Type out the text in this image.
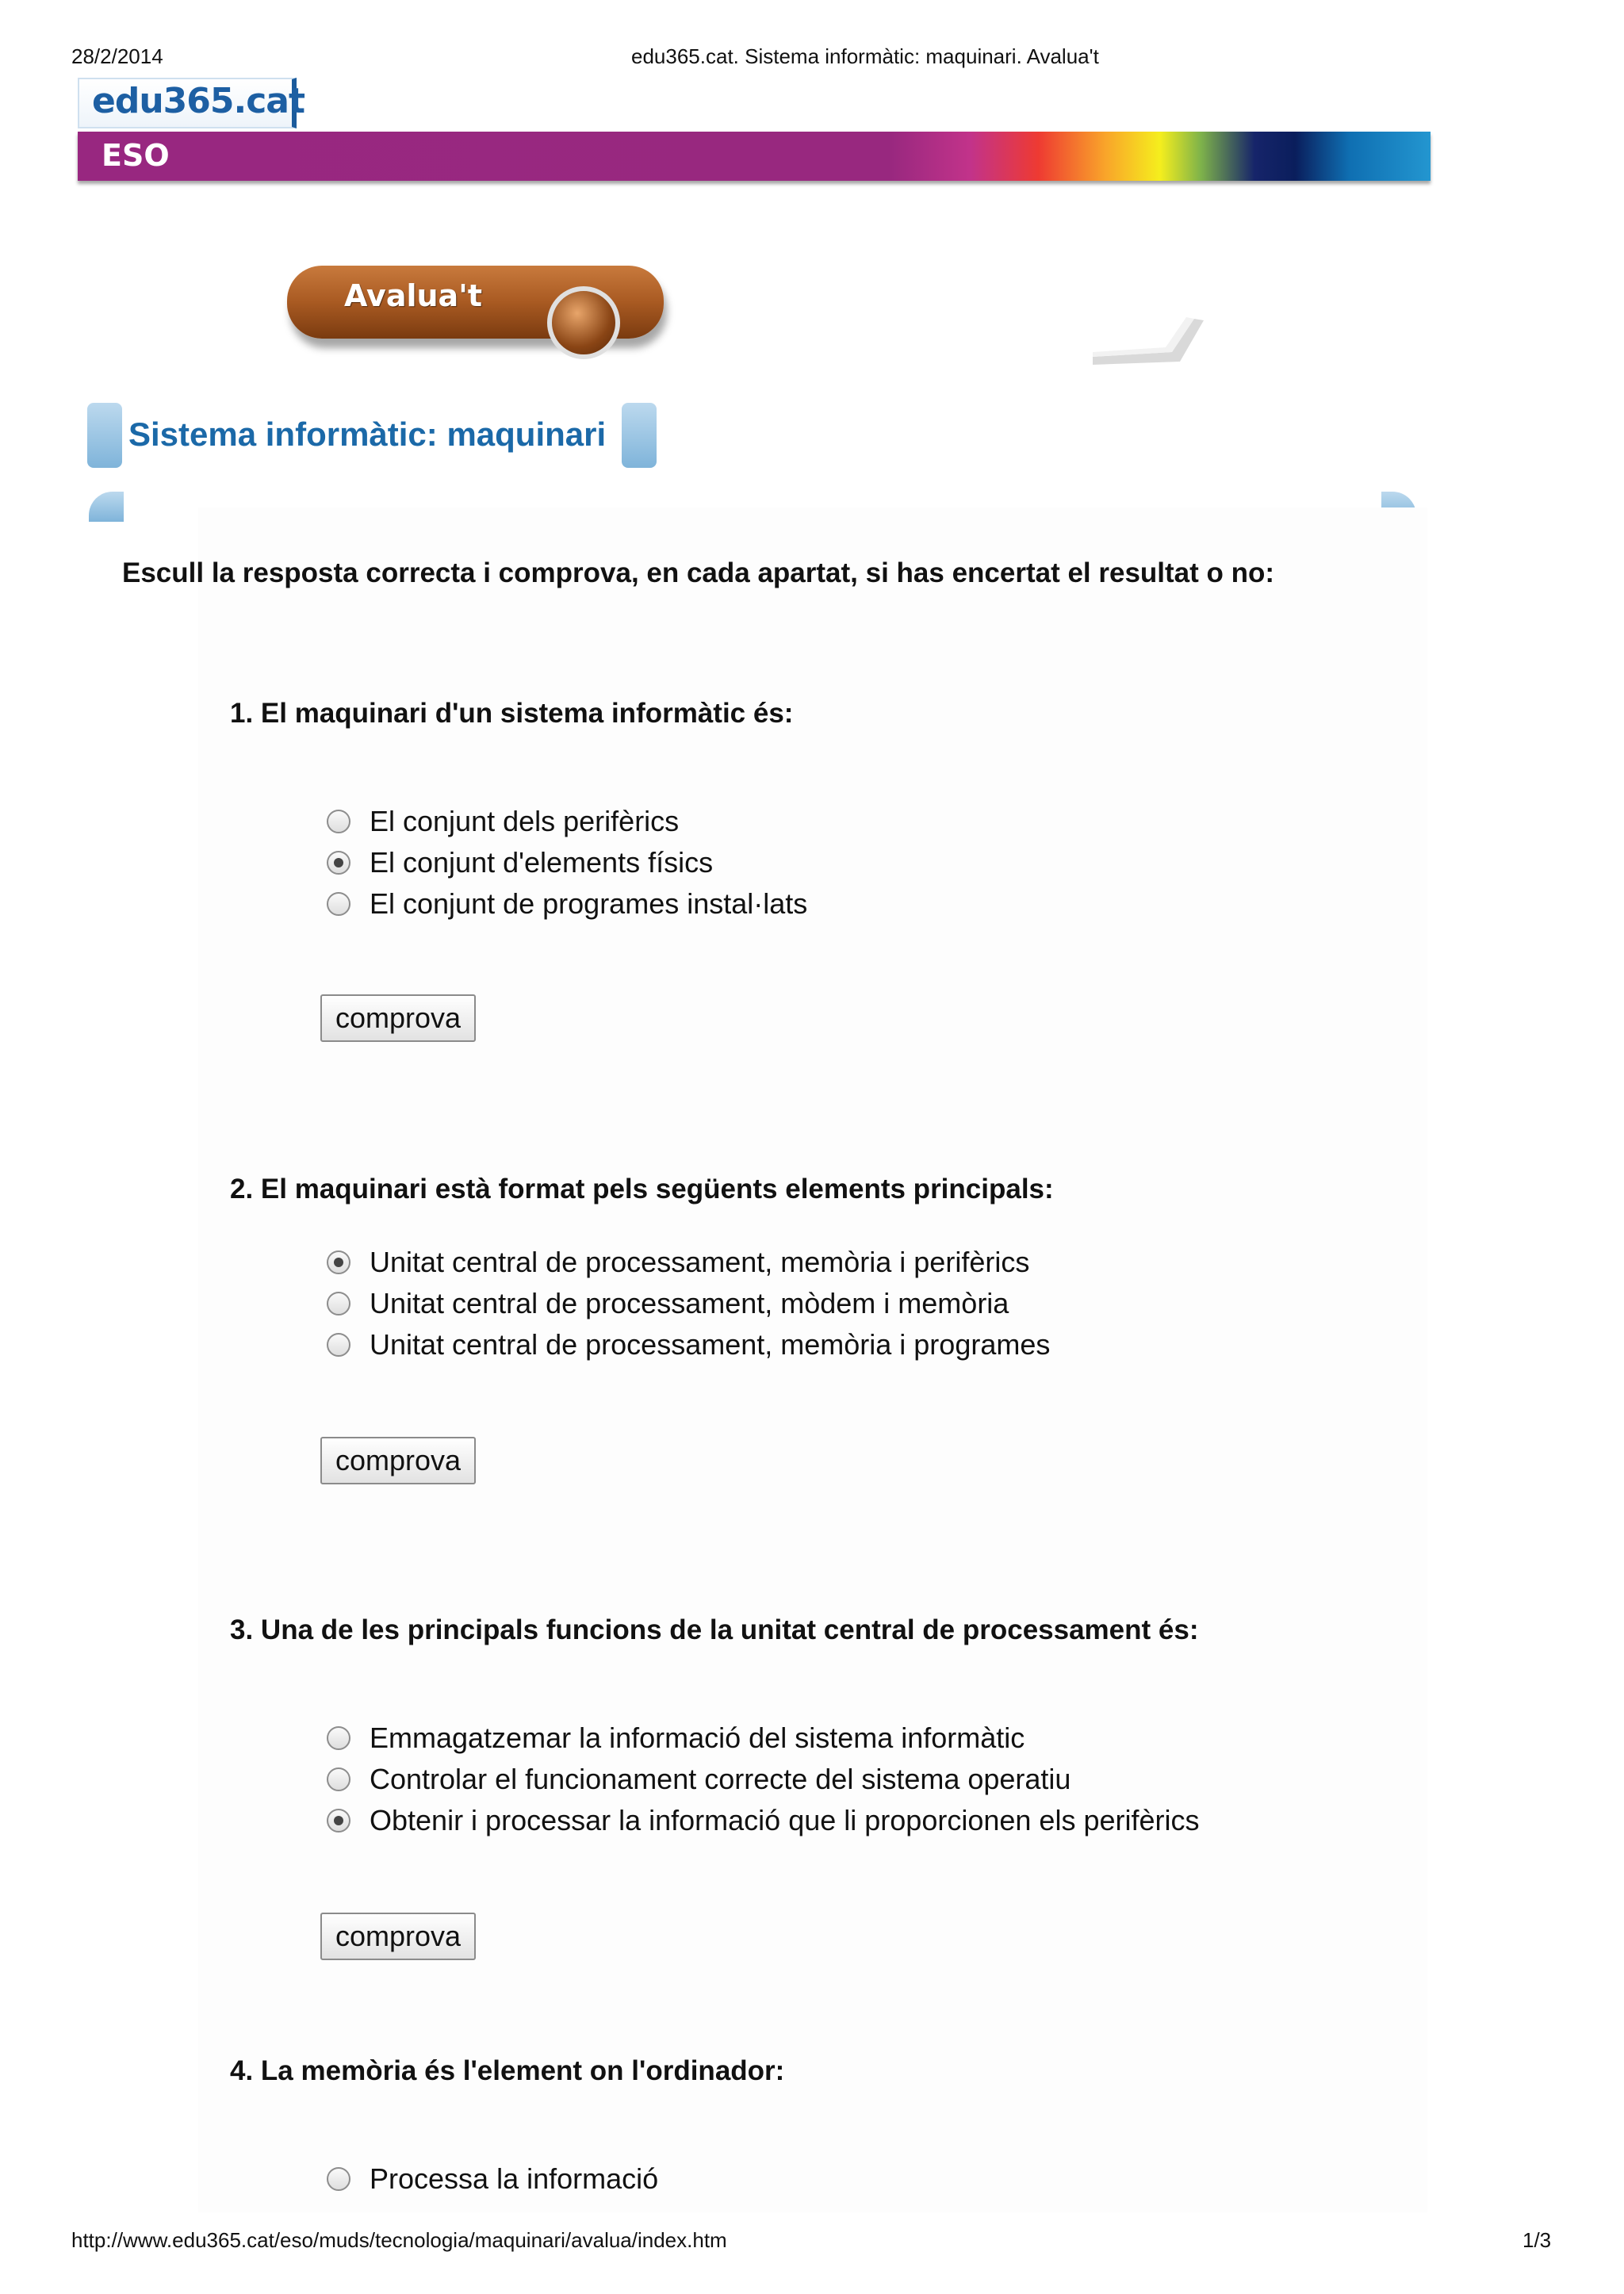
28/2/2014	edu365.cat. Sistema informàtic: maquinari. Avalua't
edu365.cat
ESO
Avalua't
Sistema informàtic: maquinari
Escull la resposta correcta i comprova, en cada apartat, si has encertat el resultat o no:
1. El maquinari d'un sistema informàtic és:
El conjunt dels perifèrics
El conjunt d'elements físics
El conjunt de programes instal·lats
comprova
2. El maquinari està format pels següents elements principals:
Unitat central de processament, memòria i perifèrics
Unitat central de processament, mòdem i memòria
Unitat central de processament, memòria i programes
comprova
3. Una de les principals funcions de la unitat central de processament és:
Emmagatzemar la informació del sistema informàtic
Controlar el funcionament correcte del sistema operatiu
Obtenir i processar la informació que li proporcionen els perifèrics
comprova
4. La memòria és l'element on l'ordinador:
Processa la informació
http://www.edu365.cat/eso/muds/tecnologia/maquinari/avalua/index.htm	1/3
